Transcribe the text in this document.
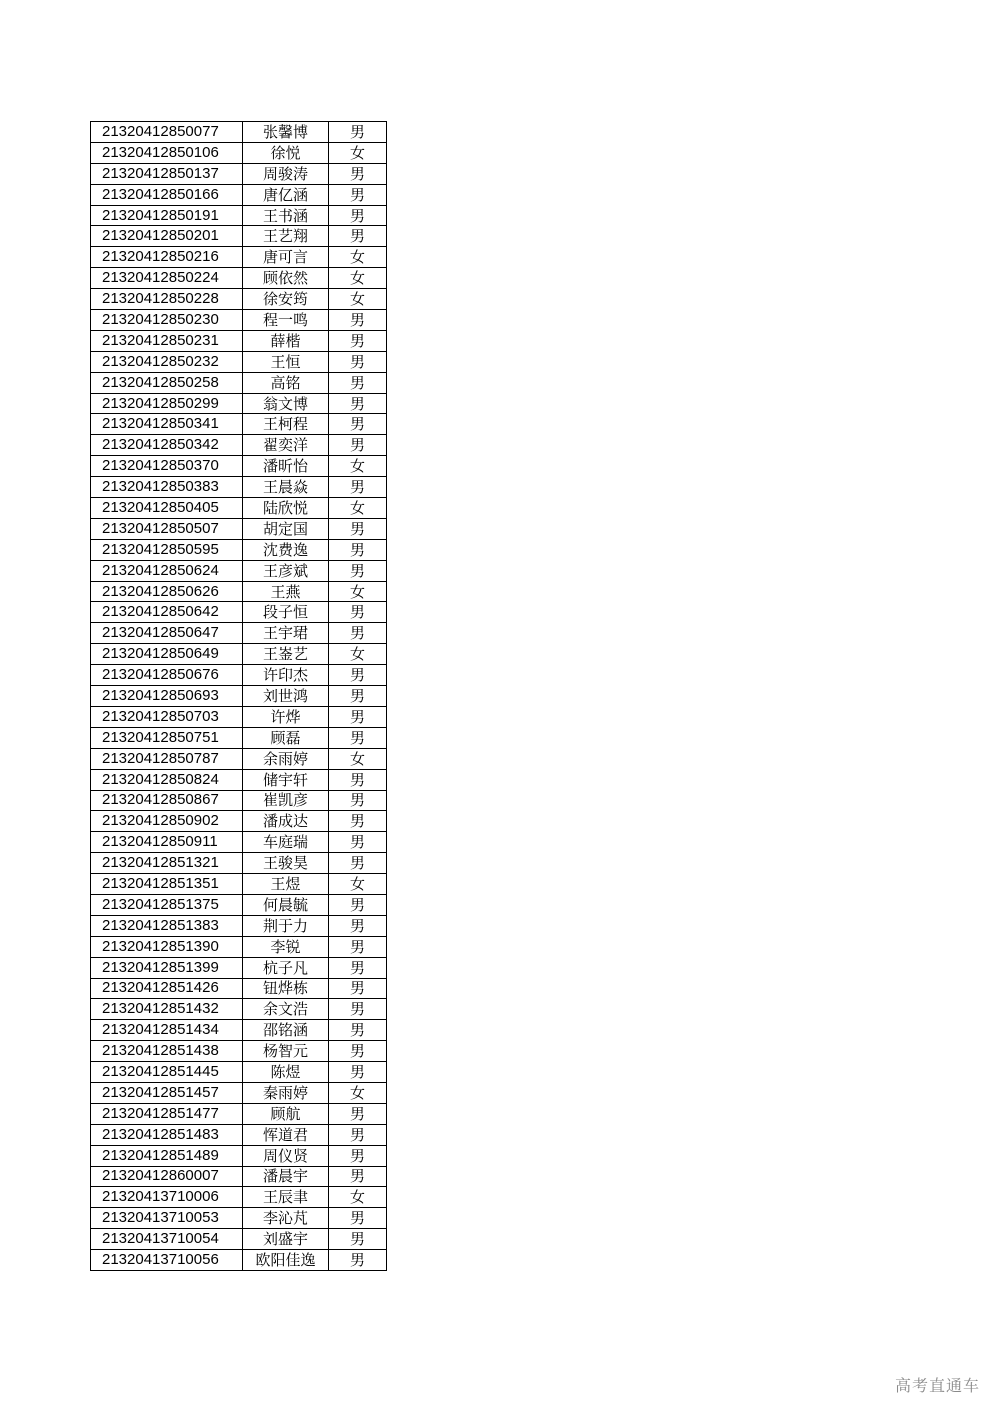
21320412850077	张馨博	男
21320412850106	徐悦	女
21320412850137	周骏涛	男
21320412850166	唐亿涵	男
21320412850191	王书涵	男
21320412850201	王艺翔	男
21320412850216	唐可言	女
21320412850224	顾依然	女
21320412850228	徐安筠	女
21320412850230	程一鸣	男
21320412850231	薛楷	男
21320412850232	王恒	男
21320412850258	高铭	男
21320412850299	翁文博	男
21320412850341	王柯程	男
21320412850342	翟奕洋	男
21320412850370	潘昕怡	女
21320412850383	王晨焱	男
21320412850405	陆欣悦	女
21320412850507	胡定国	男
21320412850595	沈费逸	男
21320412850624	王彦斌	男
21320412850626	王燕	女
21320412850642	段子恒	男
21320412850647	王宇珺	男
21320412850649	王崟艺	女
21320412850676	许印杰	男
21320412850693	刘世鸿	男
21320412850703	许烨	男
21320412850751	顾磊	男
21320412850787	余雨婷	女
21320412850824	储宇轩	男
21320412850867	崔凯彦	男
21320412850902	潘成达	男
21320412850911	车庭瑞	男
21320412851321	王骏昊	男
21320412851351	王煜	女
21320412851375	何晨毓	男
21320412851383	荆于力	男
21320412851390	李锐	男
21320412851399	杭子凡	男
21320412851426	钮烨栋	男
21320412851432	余文浩	男
21320412851434	邵铭涵	男
21320412851438	杨智元	男
21320412851445	陈煜	男
21320412851457	秦雨婷	女
21320412851477	顾航	男
21320412851483	恽道君	男
21320412851489	周仪贤	男
21320412860007	潘晨宇	男
21320413710006	王辰聿	女
21320413710053	李沁芃	男
21320413710054	刘盛宇	男
21320413710056	欧阳佳逸	男
高考直通车
